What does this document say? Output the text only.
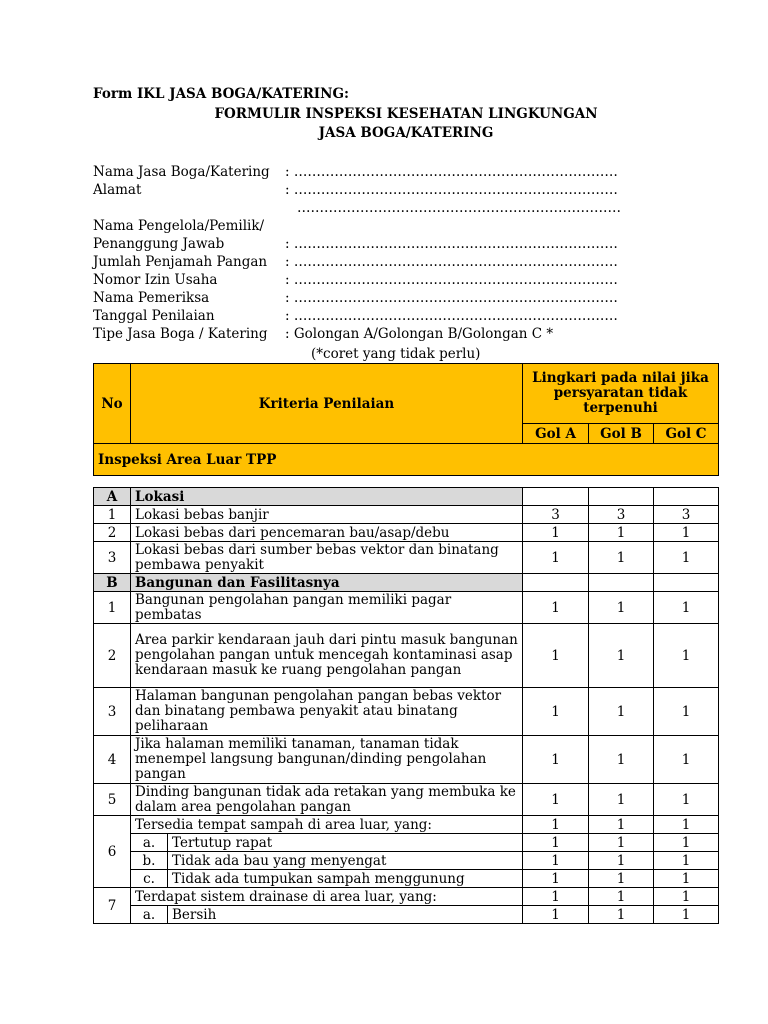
Form IKL JASA BOGA/KATERING:
FORMULIR INSPEKSI KESEHATAN LINGKUNGAN
JASA BOGA/KATERING
Nama Jasa Boga/Katering : ………………………………………………………………
Alamat	: ………………………………………………………………
………………………………………………………………
Nama Pengelola/Pemilik/
Penanggung Jawab	: ………………………………………………………………
Jumlah Penjamah Pangan : ………………………………………………………………
Nomor Izin Usaha	: ………………………………………………………………
Nama Pemeriksa	: ………………………………………………………………
Tanggal Penilaian	: ………………………………………………………………
Tipe Jasa Boga / Katering : Golongan A/Golongan B/Golongan C *
(*coret yang tidak perlu)
No	Kriteria Penilaian		Lingkari pada nilai jika persyaratan tidak terpenuhi		
			Gol A	Gol B	Gol C
Inspeksi Area Luar TPP					

A	Lokasi				
1	Lokasi bebas banjir		3	3	3
2	Lokasi bebas dari pencemaran bau/asap/debu		1	1	1
3	Lokasi bebas dari sumber bebas vektor dan binatang pembawa penyakit		1	1	1
B	Bangunan dan Fasilitasnya				
1	Bangunan pengolahan pangan memiliki pagar pembatas		1	1	1
2	Area parkir kendaraan jauh dari pintu masuk bangunan pengolahan pangan untuk mencegah kontaminasi asap kendaraan masuk ke ruang pengolahan pangan		1	1	1
3	Halaman bangunan pengolahan pangan bebas vektor dan binatang pembawa penyakit atau binatang peliharaan		1	1	1
4	Jika halaman memiliki tanaman, tanaman tidak menempel langsung bangunan/dinding pengolahan pangan		1	1	1
5	Dinding bangunan tidak ada retakan yang membuka ke dalam area pengolahan pangan		1	1	1
6	Tersedia tempat sampah di area luar, yang:		1	1	1
	a.	Tertutup rapat	1	1	1
	b.	Tidak ada bau yang menyengat	1	1	1
	c.	Tidak ada tumpukan sampah menggunung	1	1	1
7	Terdapat sistem drainase di area luar, yang:		1	1	1
	a.	Bersih	1	1	1
